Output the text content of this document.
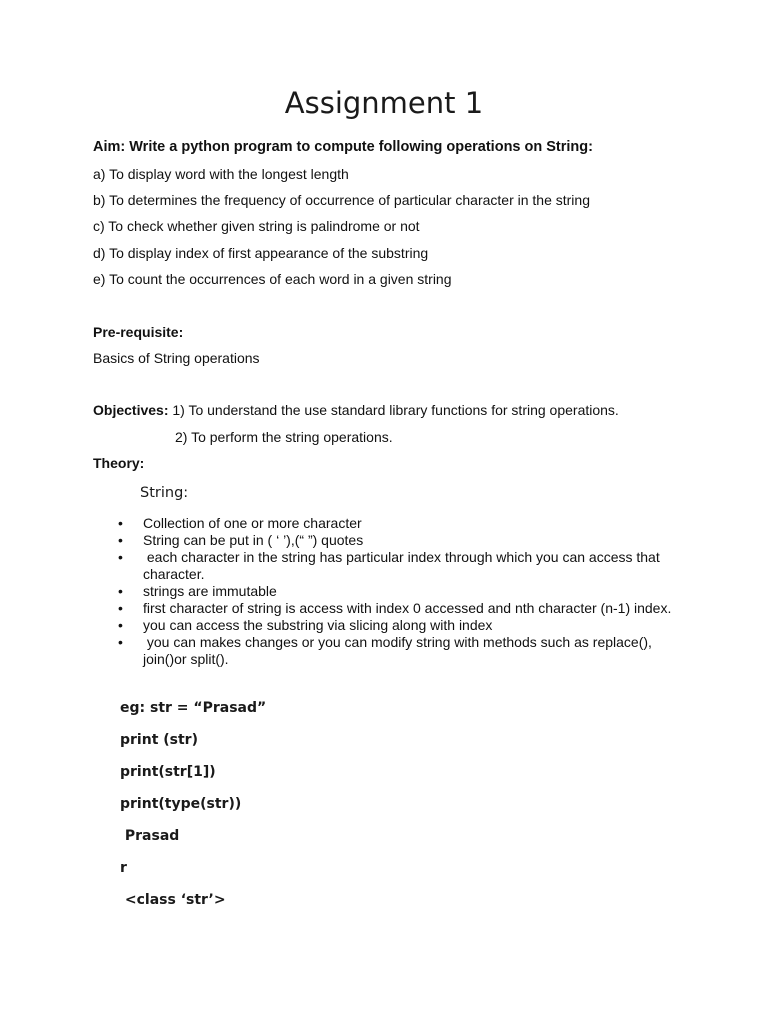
Assignment 1
Aim: Write a python program to compute following operations on String:
a) To display word with the longest length
b) To determines the frequency of occurrence of particular character in the string
c) To check whether given string is palindrome or not
d) To display index of first appearance of the substring
e) To count the occurrences of each word in a given string
Pre-requisite:
Basics of String operations
Objectives: 1) To understand the use standard library functions for string operations.
2) To perform the string operations.
Theory:
String:
• Collection of one or more character
• String can be put in ( ‘ ’),(“ ”) quotes
• each character in the string has particular index through which you can access that character.
• strings are immutable
• first character of string is access with index 0 accessed and nth character (n-1) index.
• you can access the substring via slicing along with index
• you can makes changes or you can modify string with methods such as replace(), join()or split().
eg: str = “Prasad”
print (str)
print(str[1])
print(type(str))
Prasad
r
<class ‘str’>
